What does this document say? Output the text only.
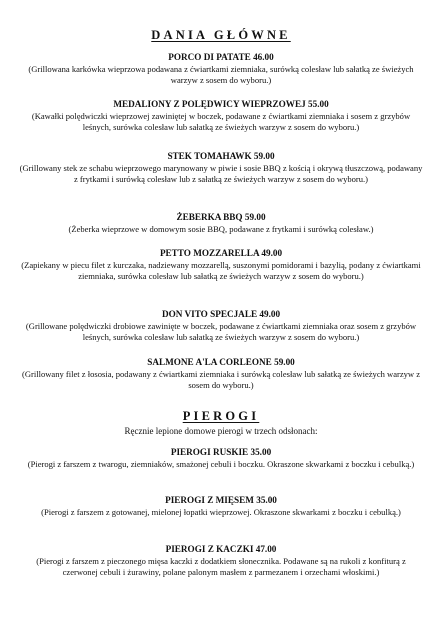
DANIA GŁÓWNE
PORCO DI PATATE 46.00
(Grillowana karkówka wieprzowa podawana z ćwiartkami ziemniaka, surówką colesław lub sałatką ze świeżych warzyw z sosem do wyboru.)
MEDALIONY Z POLĘDWICY WIEPRZOWEJ 55.00
(Kawałki polędwiczki wieprzowej zawiniętej w boczek, podawane z ćwiartkami ziemniaka i sosem z grzybów leśnych, surówka colesław lub sałatką ze świeżych warzyw z sosem do wyboru.)
STEK TOMAHAWK 59.00
(Grillowany stek ze schabu wieprzowego marynowany w piwie i sosie BBQ z kością i okrywą tłuszczową, podawany z frytkami i surówką colesław lub z sałatką ze świeżych warzyw z sosem do wyboru.)
ŻEBERKA BBQ 59.00
(Żeberka wieprzowe w domowym sosie BBQ, podawane z frytkami i surówką colesław.)
PETTO MOZZARELLA 49.00
(Zapiekany w piecu filet z kurczaka, nadziewany mozzarellą, suszonymi pomidorami i bazylią, podany z ćwiartkami ziemniaka, surówka colesław lub sałatką ze świeżych warzyw z sosem do wyboru.)
DON VITO SPECJALE 49.00
(Grillowane polędwiczki drobiowe zawinięte w boczek, podawane z ćwiartkami ziemniaka oraz sosem z grzybów leśnych, surówka colesław lub sałatką ze świeżych warzyw z sosem do wyboru.)
SALMONE A'LA CORLEONE 59.00
(Grillowany filet z łososia, podawany z ćwiartkami ziemniaka i surówką colesław lub sałatką ze świeżych warzyw z sosem do wyboru.)
PIEROGI
Ręcznie lepione domowe pierogi w trzech odsłonach:
PIEROGI RUSKIE 35.00
(Pierogi z farszem z twarogu, ziemniaków, smażonej cebuli i boczku. Okraszone skwarkami z boczku i cebulką.)
PIEROGI Z MIĘSEM 35.00
(Pierogi z farszem z gotowanej, mielonej łopatki wieprzowej. Okraszone skwarkami z boczku i cebulką.)
PIEROGI Z KACZKI 47.00
(Pierogi z farszem z pieczonego mięsa kaczki z dodatkiem słonecznika. Podawane są na rukoli z konfiturą z czerwonej cebuli i żurawiny, polane palonym masłem z parmezanem i orzechami włoskimi.)
